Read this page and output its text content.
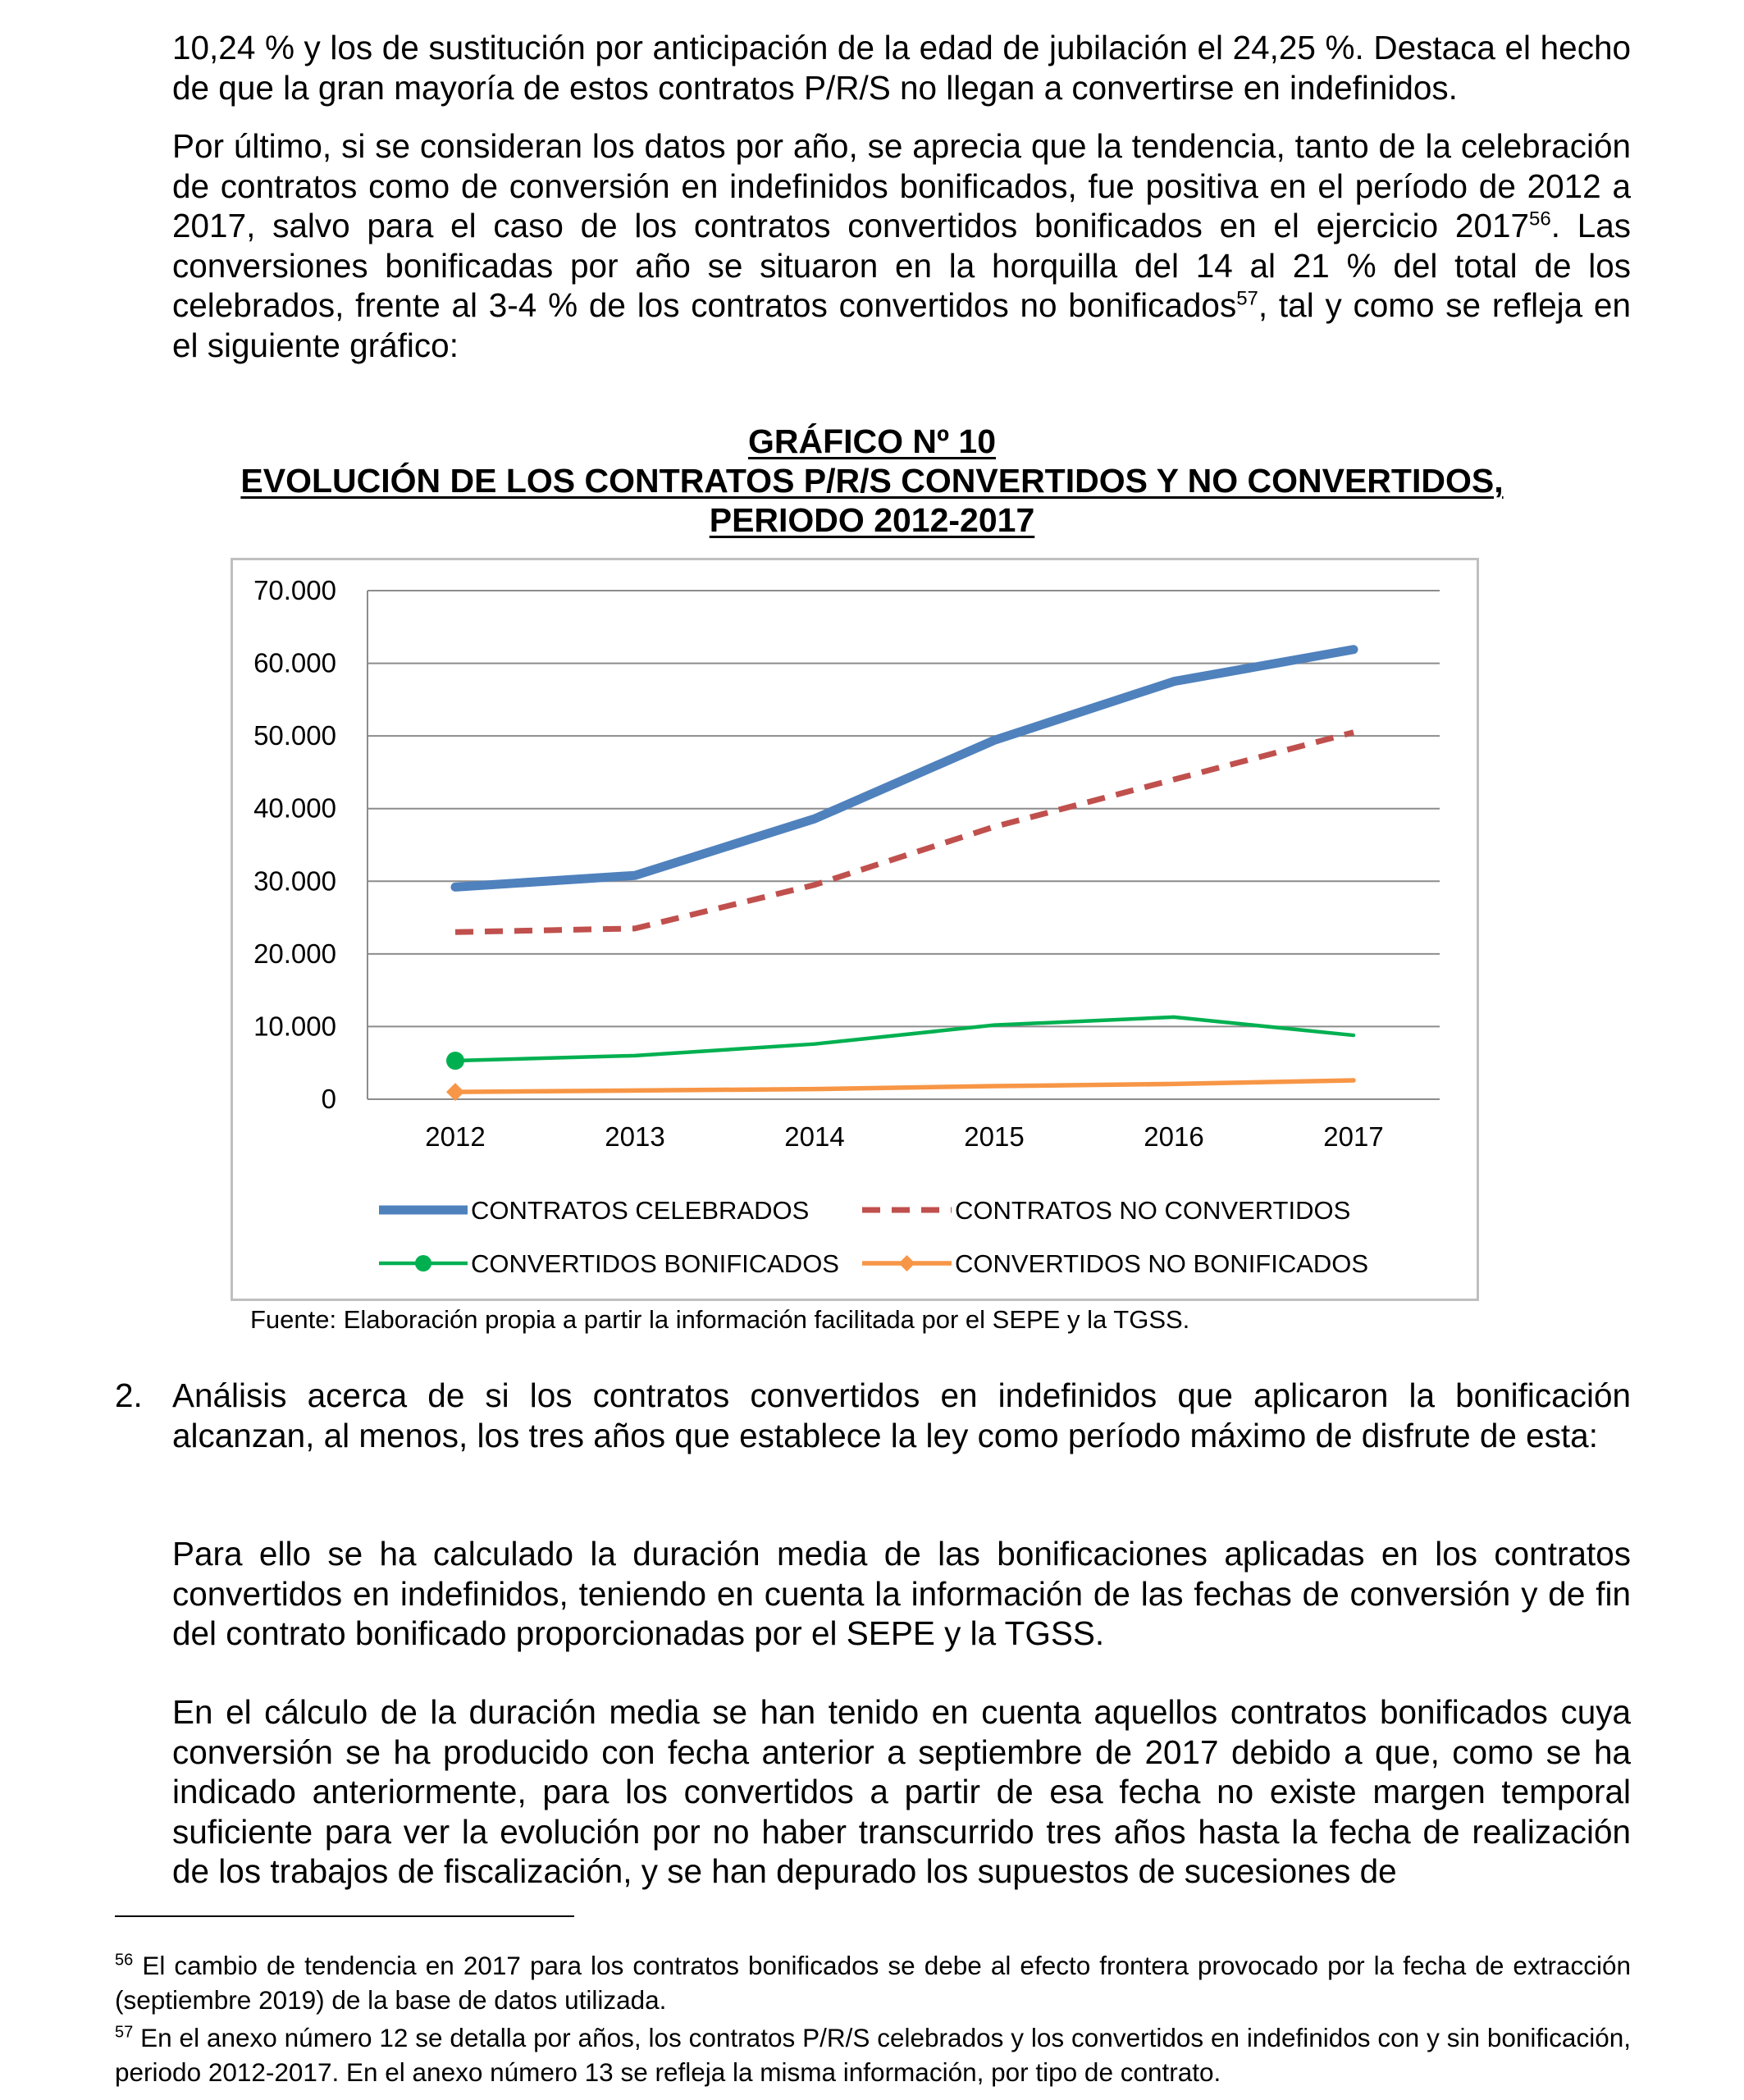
10,24 % y los de sustitución por anticipación de la edad de jubilación el 24,25 %. Destaca el hecho de que la gran mayoría de estos contratos P/R/S no llegan a convertirse en indefinidos.

Por último, si se consideran los datos por año, se aprecia que la tendencia, tanto de la celebración de contratos como de conversión en indefinidos bonificados, fue positiva en el período de 2012 a 2017, salvo para el caso de los contratos convertidos bonificados en el ejercicio 2017$^{56}$. Las conversiones bonificadas por año se situaron en la horquilla del 14 al 21 % del total de los celebrados, frente al 3-4 % de los contratos convertidos no bonificados$^{57}$, tal y como se refleja en el siguiente gráfico:

GRÁFICO Nº 10
EVOLUCIÓN DE LOS CONTRATOS P/R/S CONVERTIDOS Y NO CONVERTIDOS,
PERIODO 2012-2017
0
10.000
20.000
30.000
40.000
50.000
60.000
70.000
2012	2013	2014	2015	2016	2017
CONTRATOS CELEBRADOS	CONTRATOS NO CONVERTIDOS
CONVERTIDOS BONIFICADOS	CONVERTIDOS NO BONIFICADOS
Fuente: Elaboración propia a partir la información facilitada por el SEPE y la TGSS.
2. Análisis acerca de si los contratos convertidos en indefinidos que aplicaron la bonificación alcanzan, al menos, los tres años que establece la ley como período máximo de disfrute de esta:

Para ello se ha calculado la duración media de las bonificaciones aplicadas en los contratos convertidos en indefinidos, teniendo en cuenta la información de las fechas de conversión y de fin del contrato bonificado proporcionadas por el SEPE y la TGSS.

En el cálculo de la duración media se han tenido en cuenta aquellos contratos bonificados cuya conversión se ha producido con fecha anterior a septiembre de 2017 debido a que, como se ha indicado anteriormente, para los convertidos a partir de esa fecha no existe margen temporal suficiente para ver la evolución por no haber transcurrido tres años hasta la fecha de realización de los trabajos de fiscalización, y se han depurado los supuestos de sucesiones de

$^{56}$ El cambio de tendencia en 2017 para los contratos bonificados se debe al efecto frontera provocado por la fecha de extracción (septiembre 2019) de la base de datos utilizada.

$^{57}$ En el anexo número 12 se detalla por años, los contratos P/R/S celebrados y los convertidos en indefinidos con y sin bonificación, periodo 2012-2017. En el anexo número 13 se refleja la misma información, por tipo de contrato.
